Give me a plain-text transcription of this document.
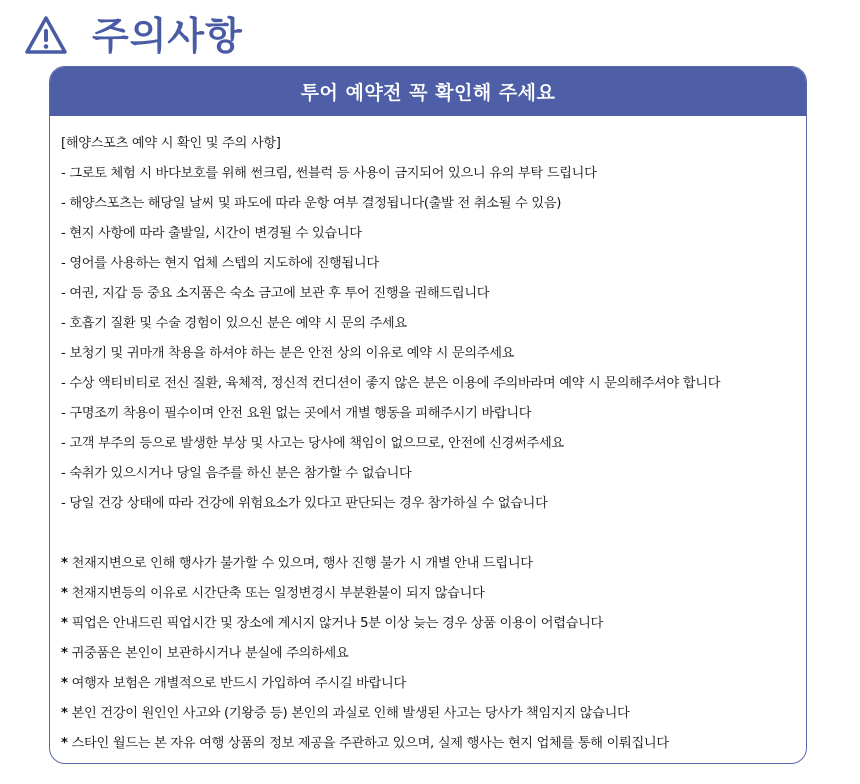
주의사항
투어 예약전 꼭 확인해 주세요
[해양스포츠 예약 시 확인 및 주의 사항]
- 그로토 체험 시 바다보호를 위해 썬크림, 썬블럭 등 사용이 금지되어 있으니 유의 부탁 드립니다
- 해양스포츠는 해당일 날씨 및 파도에 따라 운항 여부 결정됩니다(출발 전 취소될 수 있음)
- 현지 사항에 따라 출발일, 시간이 변경될 수 있습니다
- 영어를 사용하는 현지 업체 스텝의 지도하에 진행됩니다
- 여권, 지갑 등 중요 소지품은 숙소 금고에 보관 후 투어 진행을 권해드립니다
- 호흡기 질환 및 수술 경험이 있으신 분은 예약 시 문의 주세요
- 보청기 및 귀마개 착용을 하셔야 하는 분은 안전 상의 이유로 예약 시 문의주세요
- 수상 액티비티로 전신 질환, 육체적, 정신적 컨디션이 좋지 않은 분은 이용에 주의바라며 예약 시 문의해주셔야 합니다
- 구명조끼 착용이 필수이며 안전 요원 없는 곳에서 개별 행동을 피해주시기 바랍니다
- 고객 부주의 등으로 발생한 부상 및 사고는 당사에 책임이 없으므로, 안전에 신경써주세요
- 숙취가 있으시거나 당일 음주를 하신 분은 참가할 수 없습니다
- 당일 건강 상태에 따라 건강에 위험요소가 있다고 판단되는 경우 참가하실 수 없습니다
* 천재지변으로 인해 행사가 불가할 수 있으며, 행사 진행 불가 시 개별 안내 드립니다
* 천재지변등의 이유로 시간단축 또는 일정변경시 부분환불이 되지 않습니다
* 픽업은 안내드린 픽업시간 및 장소에 계시지 않거나 5분 이상 늦는 경우 상품 이용이 어렵습니다
* 귀중품은 본인이 보관하시거나 분실에 주의하세요
* 여행자 보험은 개별적으로 반드시 가입하여 주시길 바랍니다
* 본인 건강이 원인인 사고와 (기왕증 등) 본인의 과실로 인해 발생된 사고는 당사가 책임지지 않습니다
* 스타인 월드는 본 자유 여행 상품의 정보 제공을 주관하고 있으며, 실제 행사는 현지 업체를 통해 이뤄집니다
